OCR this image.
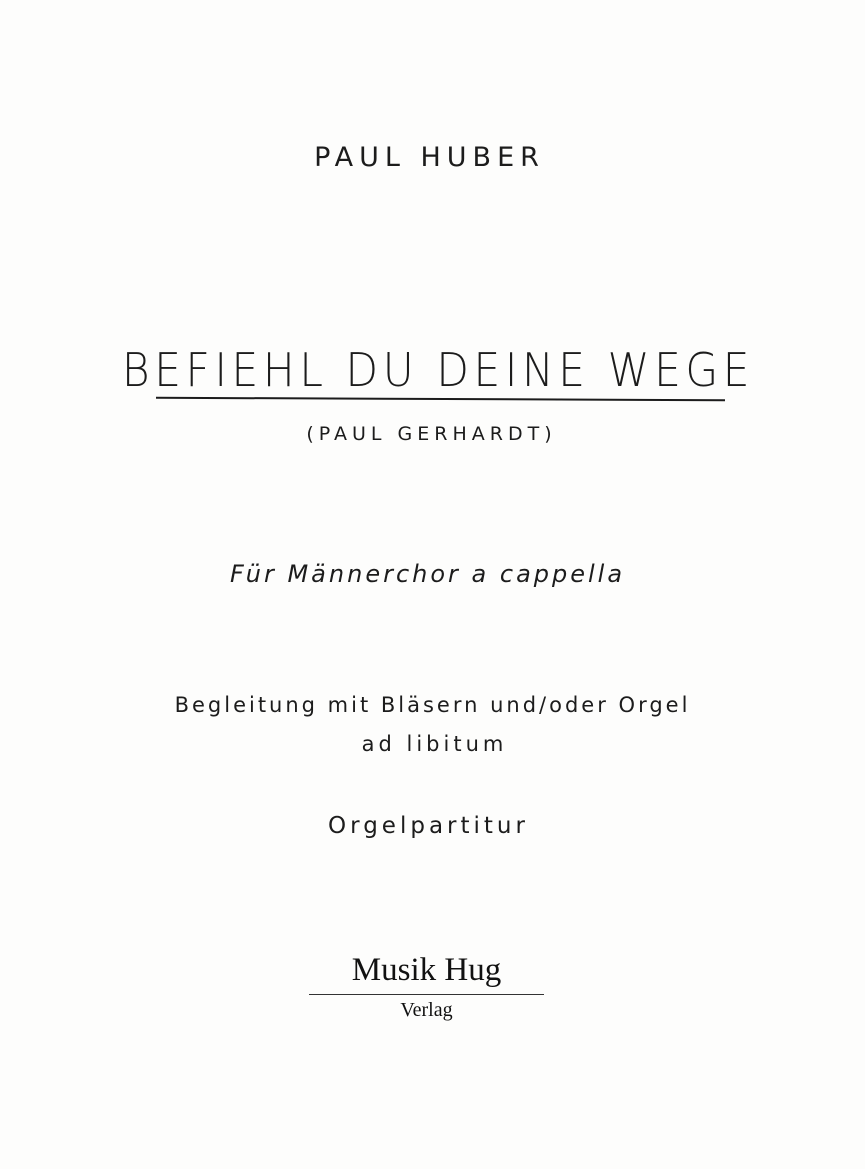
PAUL HUBER
BEFIEHL DU DEINE WEGE
(PAUL GERHARDT)
Für Männerchor a cappella
Begleitung mit Bläsern und/oder Orgel
ad libitum
Orgelpartitur
Musik Hug
Verlag
